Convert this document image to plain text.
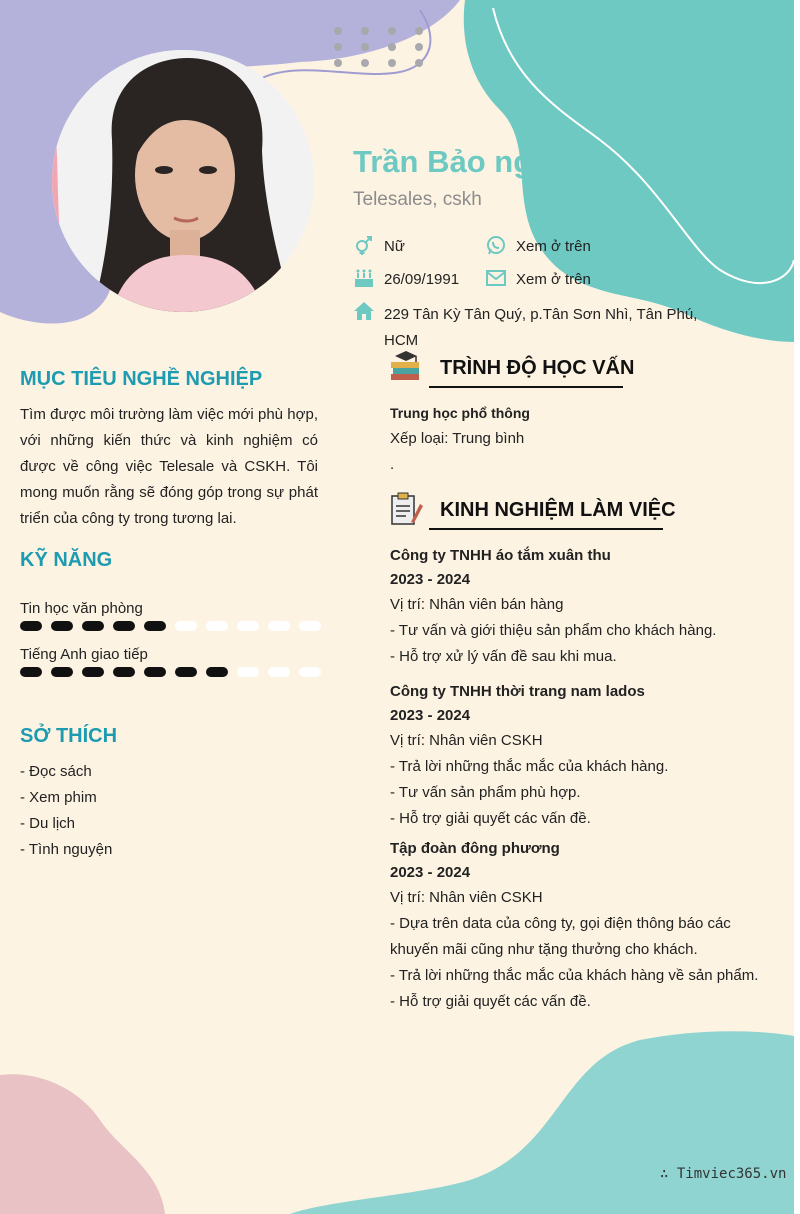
Trần Bảo ngọc
Telesales, cskh
Nữ	Xem ở trên
26/09/1991	Xem ở trên
229 Tân Kỳ Tân Quý, p.Tân Sơn Nhì, Tân Phú, HCM
MỤC TIÊU NGHỀ NGHIỆP
Tìm được môi trường làm việc mới phù hợp, với những kiến thức và kinh nghiệm có được về công việc Telesale và CSKH. Tôi mong muốn rằng sẽ đóng góp trong sự phát triển của công ty trong tương lai.
KỸ NĂNG
Tin học văn phòng
Tiếng Anh giao tiếp
SỞ THÍCH
- Đọc sách
- Xem phim
- Du lịch
- Tình nguyện
TRÌNH ĐỘ HỌC VẤN
Trung học phổ thông
Xếp loại: Trung bình
.
KINH NGHIỆM LÀM VIỆC
Công ty TNHH áo tắm xuân thu
2023 - 2024
Vị trí: Nhân viên bán hàng
- Tư vấn và giới thiệu sản phẩm cho khách hàng.
- Hỗ trợ xử lý vấn đề sau khi mua.
Công ty TNHH thời trang nam lados
2023 - 2024
Vị trí: Nhân viên CSKH
- Trả lời những thắc mắc của khách hàng.
- Tư vấn sản phẩm phù hợp.
- Hỗ trợ giải quyết các vấn đề.
Tập đoàn đông phương
2023 - 2024
Vị trí: Nhân viên CSKH
- Dựa trên data của công ty, gọi điện thông báo các
khuyến mãi cũng như tặng thưởng cho khách.
- Trả lời những thắc mắc của khách hàng về sản phẩm.
- Hỗ trợ giải quyết các vấn đề.
∴ Timviec365.vn
